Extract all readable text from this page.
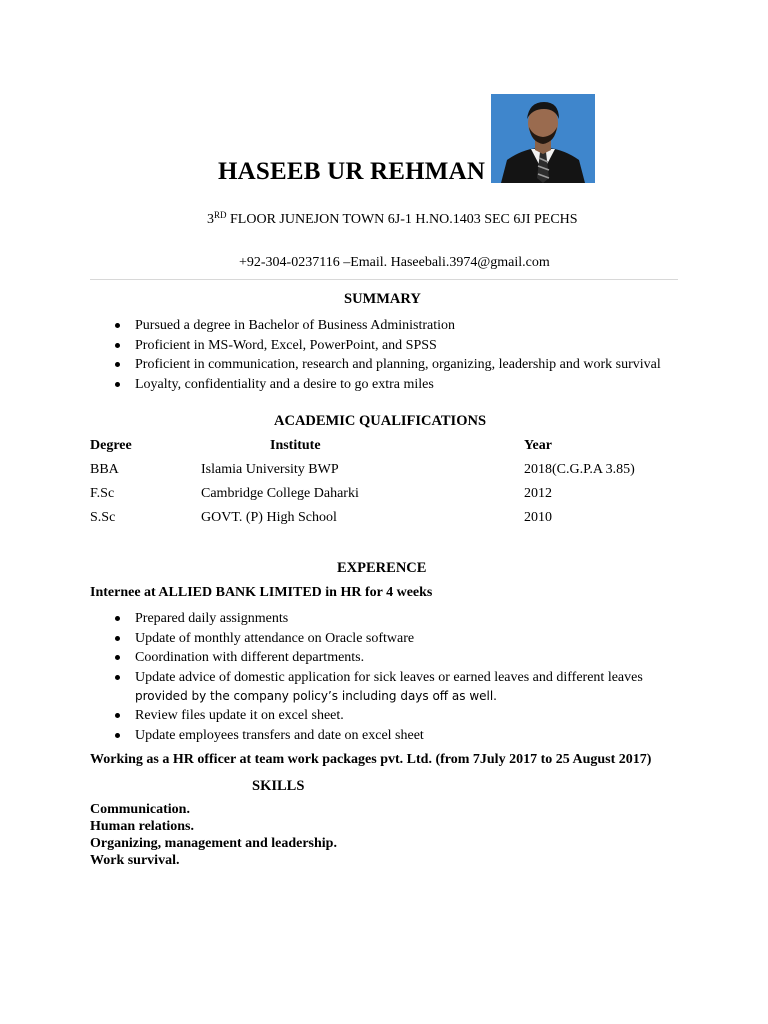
HASEEB UR REHMAN
3RD FLOOR JUNEJON TOWN 6J-1 H.NO.1403 SEC 6JI PECHS
+92-304-0237116 –Email. Haseebali.3974@gmail.com
SUMMARY
Pursued a degree in Bachelor of Business Administration
Proficient in MS-Word, Excel, PowerPoint, and SPSS
Proficient in communication, research and planning, organizing, leadership and work survival
Loyalty, confidentiality and a desire to go extra miles
ACADEMIC QUALIFICATIONS
Degree	Institute	Year
BBA	Islamia University BWP	2018(C.G.P.A 3.85)
F.Sc	Cambridge College Daharki	2012
S.Sc	GOVT. (P) High School	2010
EXPERENCE
Internee at ALLIED BANK LIMITED in HR for 4 weeks
Prepared daily assignments
Update of monthly attendance on Oracle software
Coordination with different departments.
Update advice of domestic application for sick leaves or earned leaves and different leaves
provided by the company policy’s including days off as well.
Review files update it on excel sheet.
Update employees transfers and date on excel sheet
Working as a HR officer at team work packages pvt. Ltd. (from 7July 2017 to 25 August 2017)
SKILLS
Communication.
Human relations.
Organizing, management and leadership.
Work survival.
